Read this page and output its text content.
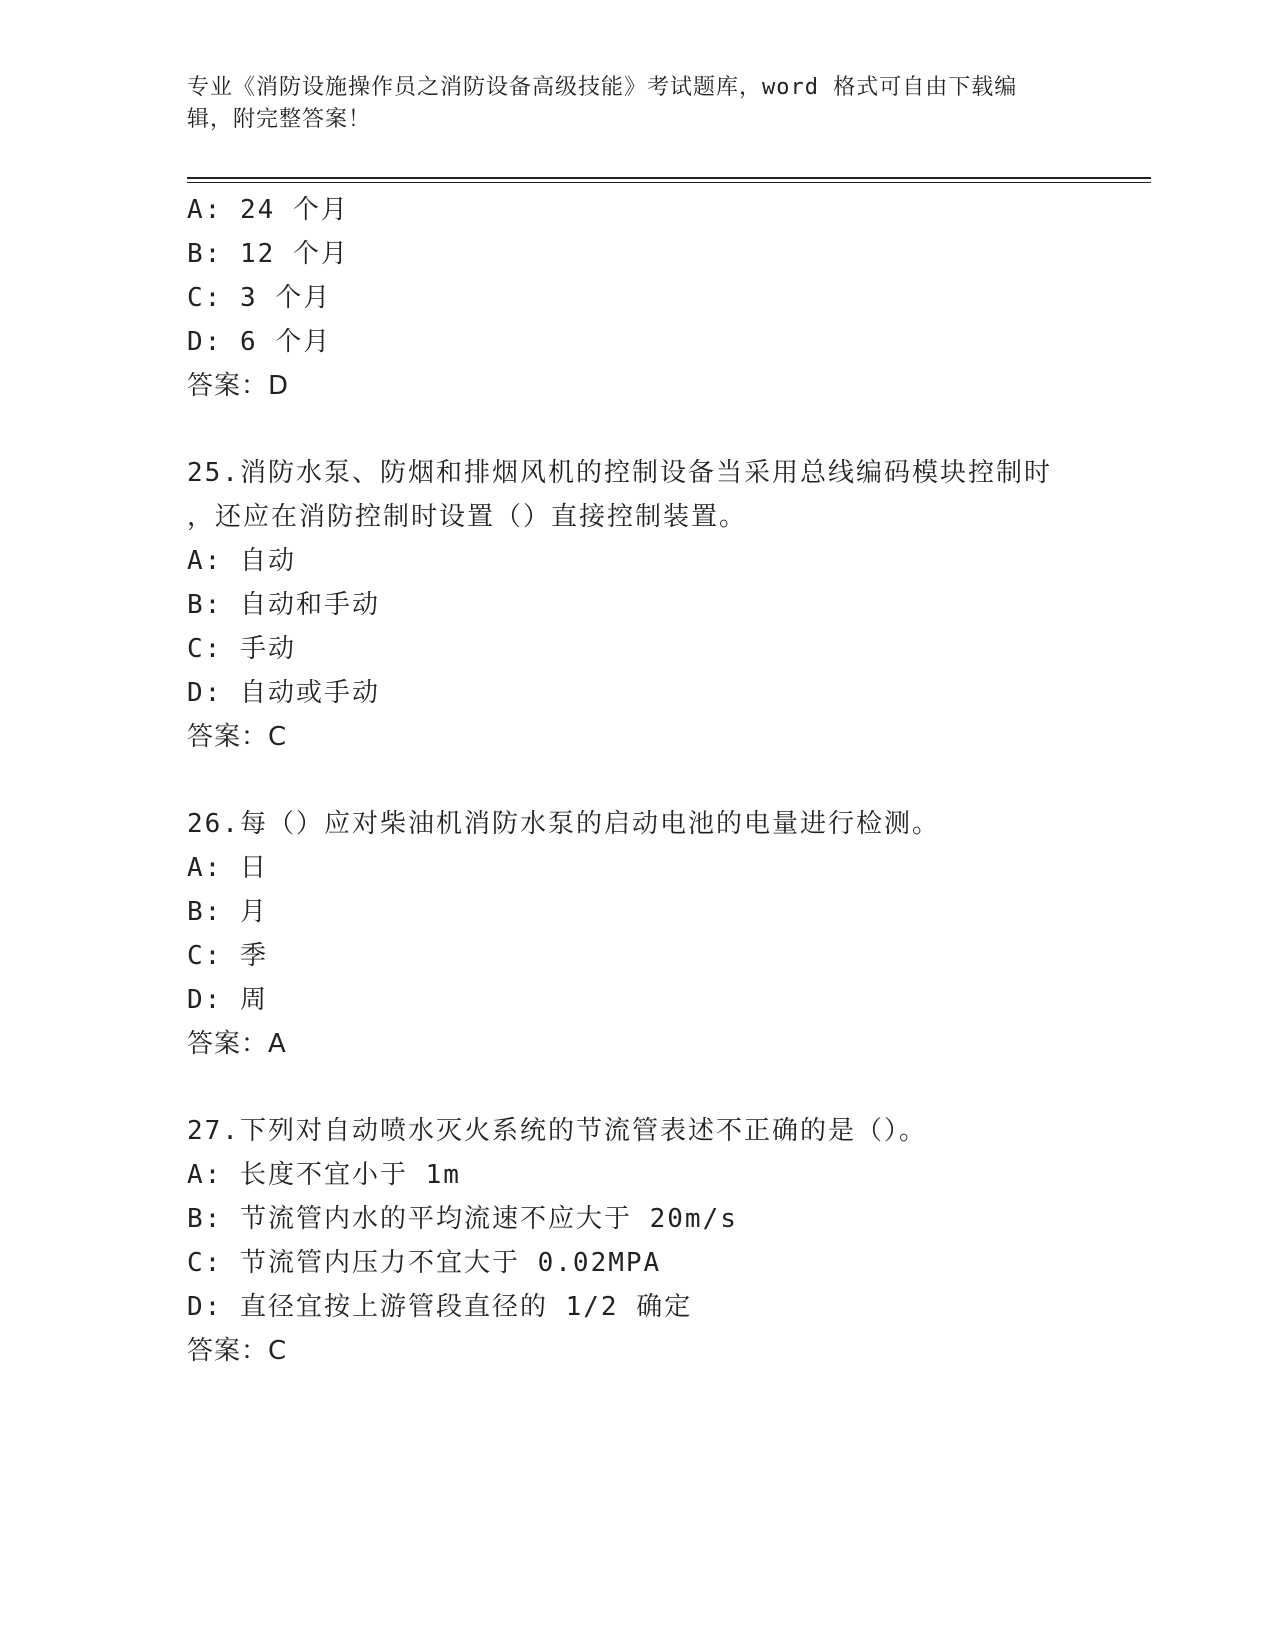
专业《消防设施操作员之消防设备高级技能》考试题库，word 格式可自由下载编
辑，附完整答案！
A: 24 个月
B: 12 个月
C: 3 个月
D: 6 个月
答案：D
25.消防水泵、防烟和排烟风机的控制设备当采用总线编码模块控制时
，还应在消防控制时设置（）直接控制装置。
A: 自动
B: 自动和手动
C: 手动
D: 自动或手动
答案：C
26.每（）应对柴油机消防水泵的启动电池的电量进行检测。
A: 日
B: 月
C: 季
D: 周
答案：A
27.下列对自动喷水灭火系统的节流管表述不正确的是（）。
A: 长度不宜小于 1m
B: 节流管内水的平均流速不应大于 20m/s
C: 节流管内压力不宜大于 0.02MPA
D: 直径宜按上游管段直径的 1/2 确定
答案：C
